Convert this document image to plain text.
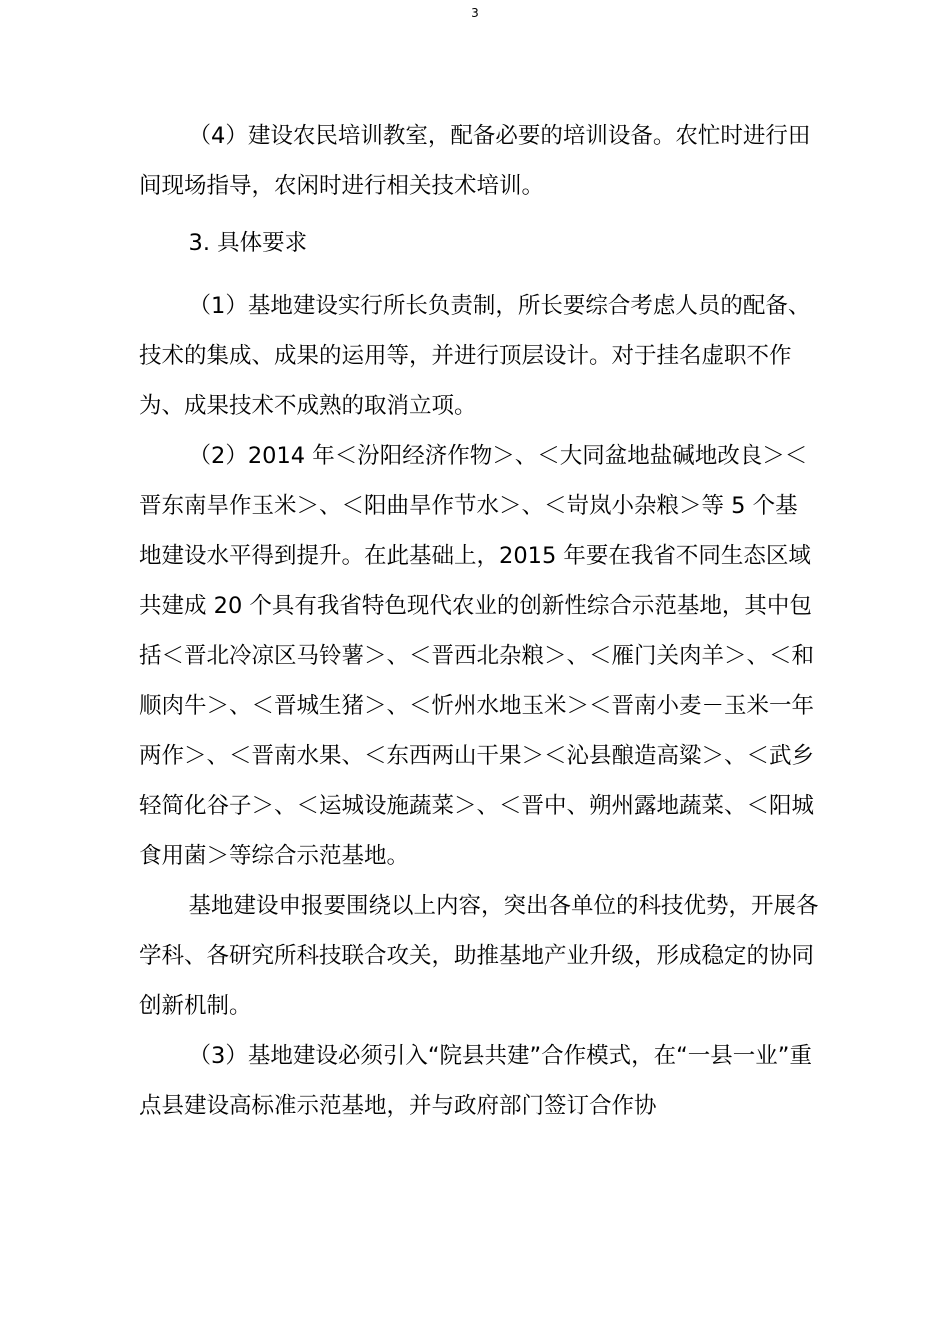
3

（4）建设农民培训教室，配备必要的培训设备。农忙时进行田间现场指导，农闲时进行相关技术培训。

3. 具体要求

（1）基地建设实行所长负责制，所长要综合考虑人员的配备、技术的集成、成果的运用等，并进行顶层设计。对于挂名虚职不作为、成果技术不成熟的取消立项。

（2）2014 年＜汾阳经济作物＞、＜大同盆地盐碱地改良＞＜晋东南旱作玉米＞、＜阳曲旱作节水＞、＜岢岚小杂粮＞等 5 个基地建设水平得到提升。在此基础上，2015 年要在我省不同生态区域共建成 20 个具有我省特色现代农业的创新性综合示范基地，其中包括＜晋北冷凉区马铃薯＞、＜晋西北杂粮＞、＜雁门关肉羊＞、＜和顺肉牛＞、＜晋城生猪＞、＜忻州水地玉米＞＜晋南小麦－玉米一年两作＞、＜晋南水果、＜东西两山干果＞＜沁县酿造高粱＞、＜武乡轻简化谷子＞、＜运城设施蔬菜＞、＜晋中、朔州露地蔬菜、＜阳城食用菌＞等综合示范基地。

基地建设申报要围绕以上内容，突出各单位的科技优势，开展各学科、各研究所科技联合攻关，助推基地产业升级，形成稳定的协同创新机制。

（3）基地建设必须引入“院县共建”合作模式，在“一县一业”重点县建设高标准示范基地，并与政府部门签订合作协
